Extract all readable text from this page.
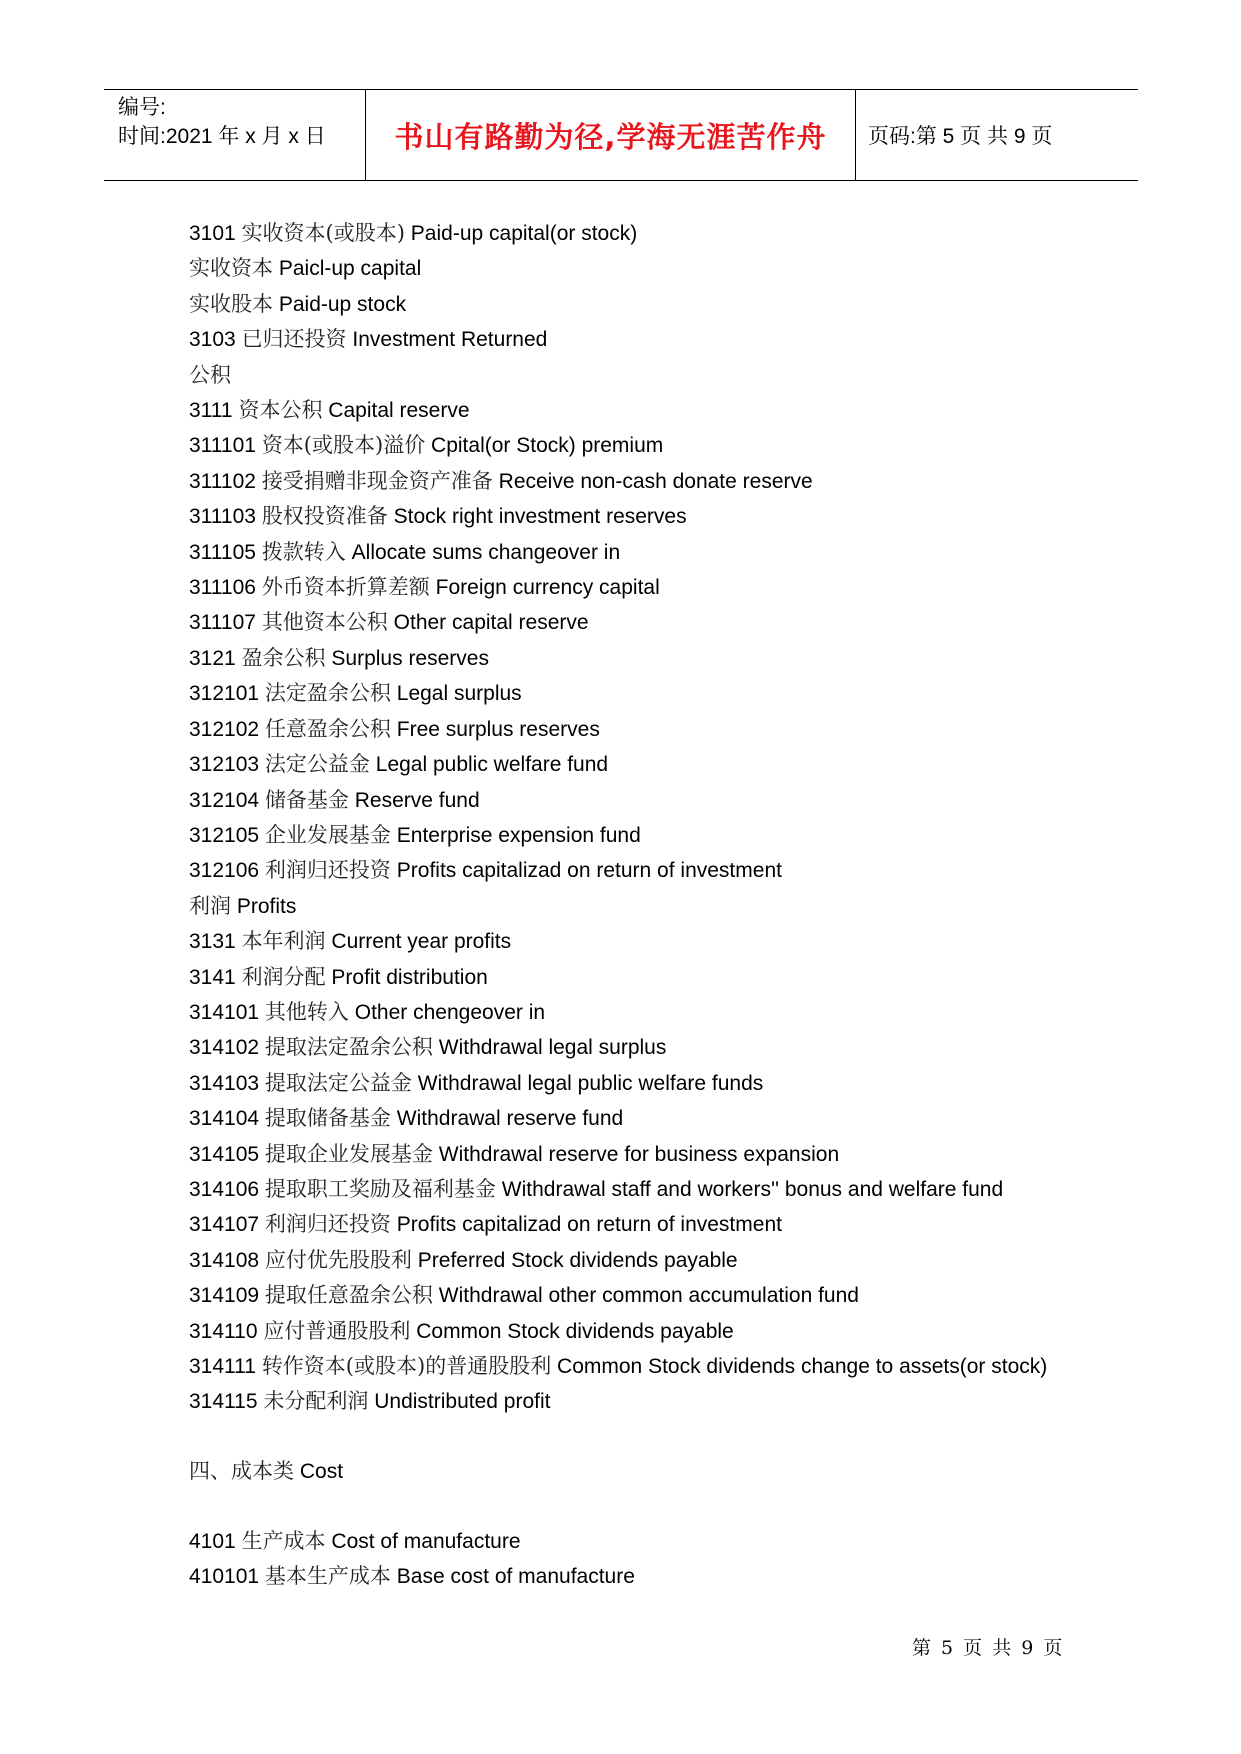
编号:
时间:2021 年 x 月 x 日	书山有路勤为径,学海无涯苦作舟	页码:第 5 页 共 9 页
3101 实收资本(或股本) Paid-up capital(or stock)
实收资本 Paicl-up capital
实收股本 Paid-up stock
3103 已归还投资 Investment Returned
公积
3111 资本公积 Capital reserve
311101 资本(或股本)溢价 Cpital(or Stock) premium
311102 接受捐赠非现金资产准备 Receive non-cash donate reserve
311103 股权投资准备 Stock right investment reserves
311105 拨款转入 Allocate sums changeover in
311106 外币资本折算差额 Foreign currency capital
311107 其他资本公积 Other capital reserve
3121 盈余公积 Surplus reserves
312101 法定盈余公积 Legal surplus
312102 任意盈余公积 Free surplus reserves
312103 法定公益金 Legal public welfare fund
312104 储备基金 Reserve fund
312105 企业发展基金 Enterprise expension fund
312106 利润归还投资 Profits capitalizad on return of investment
利润 Profits
3131 本年利润 Current year profits
3141 利润分配 Profit distribution
314101 其他转入 Other chengeover in
314102 提取法定盈余公积 Withdrawal legal surplus
314103 提取法定公益金 Withdrawal legal public welfare funds
314104 提取储备基金 Withdrawal reserve fund
314105 提取企业发展基金 Withdrawal reserve for business expansion
314106 提取职工奖励及福利基金 Withdrawal staff and workers'' bonus and welfare fund
314107 利润归还投资 Profits capitalizad on return of investment
314108 应付优先股股利 Preferred Stock dividends payable
314109 提取任意盈余公积 Withdrawal other common accumulation fund
314110 应付普通股股利 Common Stock dividends payable
314111 转作资本(或股本)的普通股股利 Common Stock dividends change to assets(or stock)
314115 未分配利润 Undistributed profit
四、成本类 Cost
4101 生产成本 Cost of manufacture
410101 基本生产成本 Base cost of manufacture
第 5 页 共 9 页
